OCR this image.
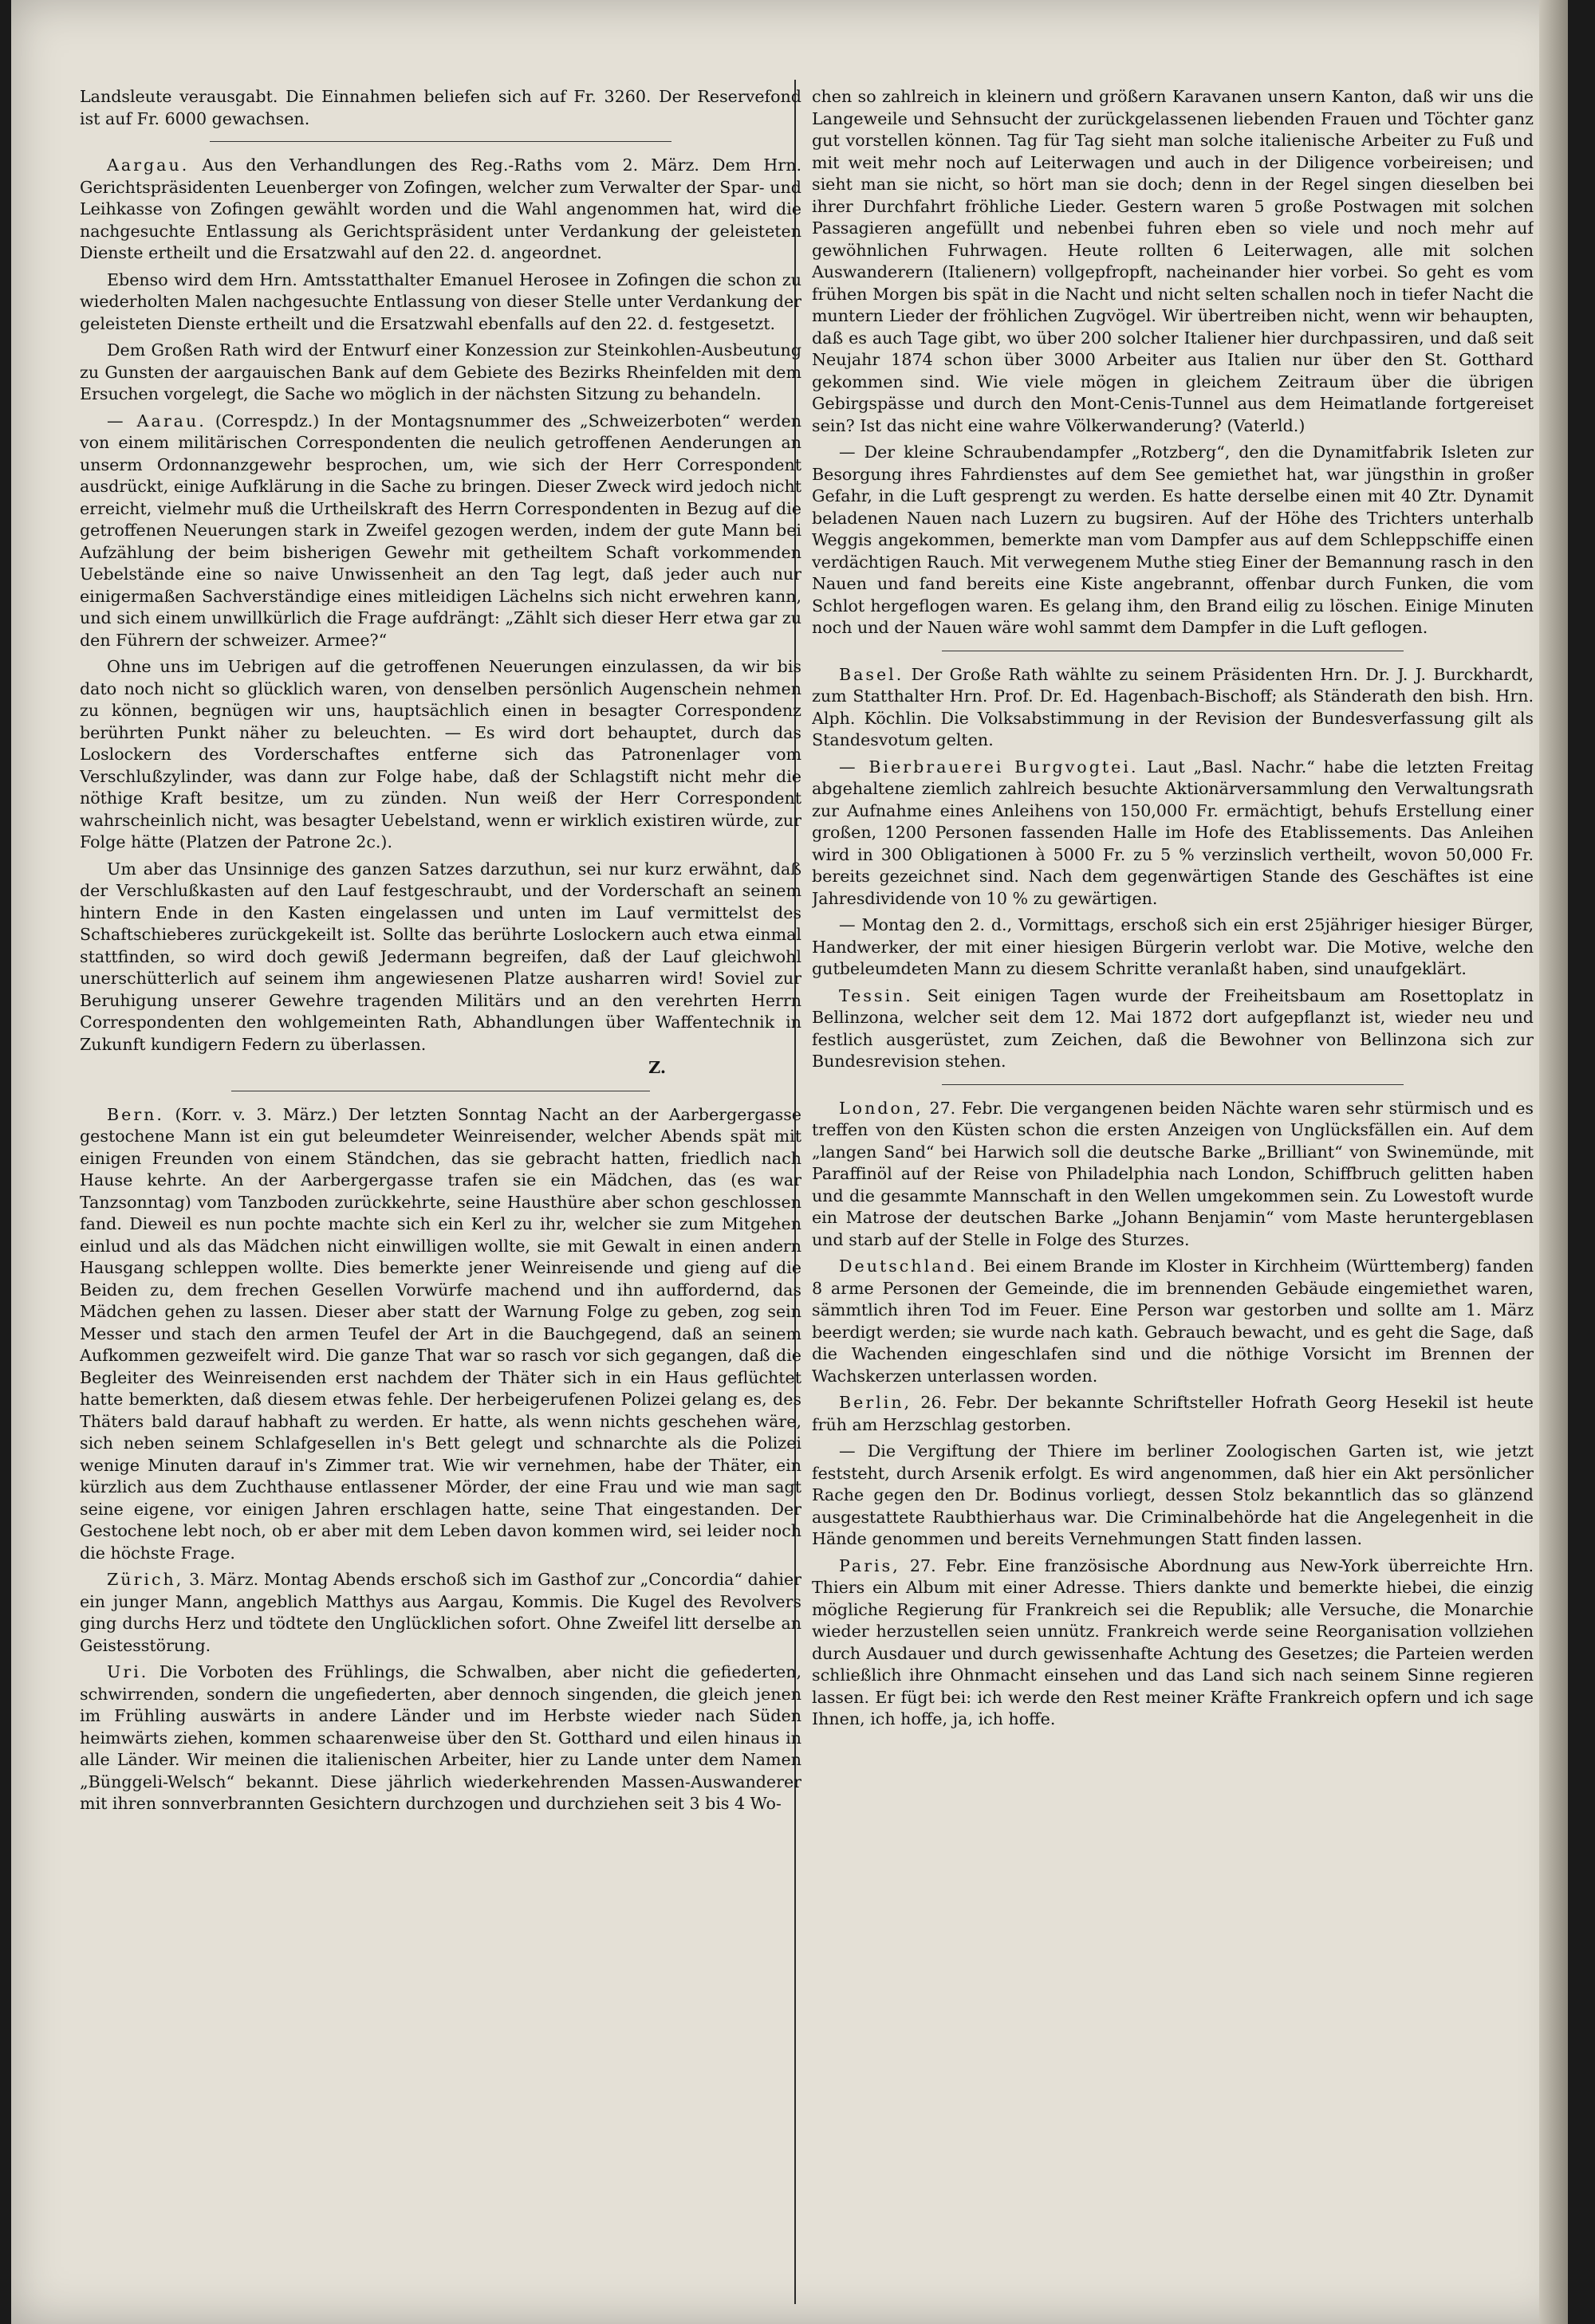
Landsleute verausgabt. Die Einnahmen beliefen sich auf Fr. 3260. Der Reservefond ist auf Fr. 6000 gewachsen.

Aargau. Aus den Verhandlungen des Reg.-Raths vom 2. März. Dem Hrn. Gerichtspräsidenten Leuenberger von Zofingen, welcher zum Verwalter der Spar- und Leihkasse von Zofingen gewählt worden und die Wahl angenommen hat, wird die nachgesuchte Entlassung als Gerichtspräsident unter Verdankung der geleisteten Dienste ertheilt und die Ersatzwahl auf den 22. d. angeordnet.

Ebenso wird dem Hrn. Amtsstatthalter Emanuel Herosee in Zofingen die schon zu wiederholten Malen nachgesuchte Entlassung von dieser Stelle unter Verdankung der geleisteten Dienste ertheilt und die Ersatzwahl ebenfalls auf den 22. d. festgesetzt.

Dem Großen Rath wird der Entwurf einer Konzession zur Steinkohlen-Ausbeutung zu Gunsten der aargauischen Bank auf dem Gebiete des Bezirks Rheinfelden mit dem Ersuchen vorgelegt, die Sache wo möglich in der nächsten Sitzung zu behandeln.

— Aarau. (Correspdz.) In der Montagsnummer des „Schweizerboten“ werden von einem militärischen Correspondenten die neulich getroffenen Aenderungen an unserm Ordonnanzgewehr besprochen, um, wie sich der Herr Correspondent ausdrückt, einige Aufklärung in die Sache zu bringen. Dieser Zweck wird jedoch nicht erreicht, vielmehr muß die Urtheilskraft des Herrn Correspondenten in Bezug auf die getroffenen Neuerungen stark in Zweifel gezogen werden, indem der gute Mann bei Aufzählung der beim bisherigen Gewehr mit getheiltem Schaft vorkommenden Uebelstände eine so naive Unwissenheit an den Tag legt, daß jeder auch nur einigermaßen Sachverständige eines mitleidigen Lächelns sich nicht erwehren kann, und sich einem unwillkürlich die Frage aufdrängt: „Zählt sich dieser Herr etwa gar zu den Führern der schweizer. Armee?“

Ohne uns im Uebrigen auf die getroffenen Neuerungen einzulassen, da wir bis dato noch nicht so glücklich waren, von denselben persönlich Augenschein nehmen zu können, begnügen wir uns, hauptsächlich einen in besagter Correspondenz berührten Punkt näher zu beleuchten. — Es wird dort behauptet, durch das Loslockern des Vorderschaftes entferne sich das Patronenlager vom Verschlußzylinder, was dann zur Folge habe, daß der Schlagstift nicht mehr die nöthige Kraft besitze, um zu zünden. Nun weiß der Herr Correspondent wahrscheinlich nicht, was besagter Uebelstand, wenn er wirklich existiren würde, zur Folge hätte (Platzen der Patrone 2c.).

Um aber das Unsinnige des ganzen Satzes darzuthun, sei nur kurz erwähnt, daß der Verschlußkasten auf den Lauf festgeschraubt, und der Vorderschaft an seinem hintern Ende in den Kasten eingelassen und unten im Lauf vermittelst des Schaftschieberes zurückgekeilt ist. Sollte das berührte Loslockern auch etwa einmal stattfinden, so wird doch gewiß Jedermann begreifen, daß der Lauf gleichwohl unerschütterlich auf seinem ihm angewiesenen Platze ausharren wird! Soviel zur Beruhigung unserer Gewehre tragenden Militärs und an den verehrten Herrn Correspondenten den wohlgemeinten Rath, Abhandlungen über Waffentechnik in Zukunft kundigern Federn zu überlassen.

Z.

Bern. (Korr. v. 3. März.) Der letzten Sonntag Nacht an der Aarbergergasse gestochene Mann ist ein gut beleumdeter Weinreisender, welcher Abends spät mit einigen Freunden von einem Ständchen, das sie gebracht hatten, friedlich nach Hause kehrte. An der Aarbergergasse trafen sie ein Mädchen, das (es war Tanzsonntag) vom Tanzboden zurückkehrte, seine Hausthüre aber schon geschlossen fand. Dieweil es nun pochte machte sich ein Kerl zu ihr, welcher sie zum Mitgehen einlud und als das Mädchen nicht einwilligen wollte, sie mit Gewalt in einen andern Hausgang schleppen wollte. Dies bemerkte jener Weinreisende und gieng auf die Beiden zu, dem frechen Gesellen Vorwürfe machend und ihn auffordernd, das Mädchen gehen zu lassen. Dieser aber statt der Warnung Folge zu geben, zog sein Messer und stach den armen Teufel der Art in die Bauchgegend, daß an seinem Aufkommen gezweifelt wird. Die ganze That war so rasch vor sich gegangen, daß die Begleiter des Weinreisenden erst nachdem der Thäter sich in ein Haus geflüchtet hatte bemerkten, daß diesem etwas fehle. Der herbeigerufenen Polizei gelang es, des Thäters bald darauf habhaft zu werden. Er hatte, als wenn nichts geschehen wäre, sich neben seinem Schlafgesellen in's Bett gelegt und schnarchte als die Polizei wenige Minuten darauf in's Zimmer trat. Wie wir vernehmen, habe der Thäter, ein kürzlich aus dem Zuchthause entlassener Mörder, der eine Frau und wie man sagt seine eigene, vor einigen Jahren erschlagen hatte, seine That eingestanden. Der Gestochene lebt noch, ob er aber mit dem Leben davon kommen wird, sei leider noch die höchste Frage.

Zürich, 3. März. Montag Abends erschoß sich im Gasthof zur „Concordia“ dahier ein junger Mann, angeblich Matthys aus Aargau, Kommis. Die Kugel des Revolvers ging durchs Herz und tödtete den Unglücklichen sofort. Ohne Zweifel litt derselbe an Geistesstörung.

Uri. Die Vorboten des Frühlings, die Schwalben, aber nicht die gefiederten, schwirrenden, sondern die ungefiederten, aber dennoch singenden, die gleich jenen im Frühling auswärts in andere Länder und im Herbste wieder nach Süden heimwärts ziehen, kommen schaarenweise über den St. Gotthard und eilen hinaus in alle Länder. Wir meinen die italienischen Arbeiter, hier zu Lande unter dem Namen „Bünggeli-Welsch“ bekannt. Diese jährlich wiederkehrenden Massen-Auswanderer mit ihren sonnverbrannten Gesichtern durchzogen und durchziehen seit 3 bis 4 Wo-

chen so zahlreich in kleinern und größern Karavanen unsern Kanton, daß wir uns die Langeweile und Sehnsucht der zurückgelassenen liebenden Frauen und Töchter ganz gut vorstellen können. Tag für Tag sieht man solche italienische Arbeiter zu Fuß und mit weit mehr noch auf Leiterwagen und auch in der Diligence vorbeireisen; und sieht man sie nicht, so hört man sie doch; denn in der Regel singen dieselben bei ihrer Durchfahrt fröhliche Lieder. Gestern waren 5 große Postwagen mit solchen Passagieren angefüllt und nebenbei fuhren eben so viele und noch mehr auf gewöhnlichen Fuhrwagen. Heute rollten 6 Leiterwagen, alle mit solchen Auswanderern (Italienern) vollgepfropft, nacheinander hier vorbei. So geht es vom frühen Morgen bis spät in die Nacht und nicht selten schallen noch in tiefer Nacht die muntern Lieder der fröhlichen Zugvögel. Wir übertreiben nicht, wenn wir behaupten, daß es auch Tage gibt, wo über 200 solcher Italiener hier durchpassiren, und daß seit Neujahr 1874 schon über 3000 Arbeiter aus Italien nur über den St. Gotthard gekommen sind. Wie viele mögen in gleichem Zeitraum über die übrigen Gebirgspässe und durch den Mont-Cenis-Tunnel aus dem Heimatlande fortgereiset sein? Ist das nicht eine wahre Völkerwanderung? (Vaterld.)

— Der kleine Schraubendampfer „Rotzberg“, den die Dynamitfabrik Isleten zur Besorgung ihres Fahrdienstes auf dem See gemiethet hat, war jüngsthin in großer Gefahr, in die Luft gesprengt zu werden. Es hatte derselbe einen mit 40 Ztr. Dynamit beladenen Nauen nach Luzern zu bugsiren. Auf der Höhe des Trichters unterhalb Weggis angekommen, bemerkte man vom Dampfer aus auf dem Schleppschiffe einen verdächtigen Rauch. Mit verwegenem Muthe stieg Einer der Bemannung rasch in den Nauen und fand bereits eine Kiste angebrannt, offenbar durch Funken, die vom Schlot hergeflogen waren. Es gelang ihm, den Brand eilig zu löschen. Einige Minuten noch und der Nauen wäre wohl sammt dem Dampfer in die Luft geflogen.

Basel. Der Große Rath wählte zu seinem Präsidenten Hrn. Dr. J. J. Burckhardt, zum Statthalter Hrn. Prof. Dr. Ed. Hagenbach-Bischoff; als Ständerath den bish. Hrn. Alph. Köchlin. Die Volksabstimmung in der Revision der Bundesverfassung gilt als Standesvotum gelten.

— Bierbrauerei Burgvogtei. Laut „Basl. Nachr.“ habe die letzten Freitag abgehaltene ziemlich zahlreich besuchte Aktionärversammlung den Verwaltungsrath zur Aufnahme eines Anleihens von 150,000 Fr. ermächtigt, behufs Erstellung einer großen, 1200 Personen fassenden Halle im Hofe des Etablissements. Das Anleihen wird in 300 Obligationen à 5000 Fr. zu 5 % verzinslich vertheilt, wovon 50,000 Fr. bereits gezeichnet sind. Nach dem gegenwärtigen Stande des Geschäftes ist eine Jahresdividende von 10 % zu gewärtigen.

— Montag den 2. d., Vormittags, erschoß sich ein erst 25jähriger hiesiger Bürger, Handwerker, der mit einer hiesigen Bürgerin verlobt war. Die Motive, welche den gutbeleumdeten Mann zu diesem Schritte veranlaßt haben, sind unaufgeklärt.

Tessin. Seit einigen Tagen wurde der Freiheitsbaum am Rosettoplatz in Bellinzona, welcher seit dem 12. Mai 1872 dort aufgepflanzt ist, wieder neu und festlich ausgerüstet, zum Zeichen, daß die Bewohner von Bellinzona sich zur Bundesrevision stehen.

London, 27. Febr. Die vergangenen beiden Nächte waren sehr stürmisch und es treffen von den Küsten schon die ersten Anzeigen von Unglücksfällen ein. Auf dem „langen Sand“ bei Harwich soll die deutsche Barke „Brilliant“ von Swinemünde, mit Paraffinöl auf der Reise von Philadelphia nach London, Schiffbruch gelitten haben und die gesammte Mannschaft in den Wellen umgekommen sein. Zu Lowestoft wurde ein Matrose der deutschen Barke „Johann Benjamin“ vom Maste heruntergeblasen und starb auf der Stelle in Folge des Sturzes.

Deutschland. Bei einem Brande im Kloster in Kirchheim (Württemberg) fanden 8 arme Personen der Gemeinde, die im brennenden Gebäude eingemiethet waren, sämmtlich ihren Tod im Feuer. Eine Person war gestorben und sollte am 1. März beerdigt werden; sie wurde nach kath. Gebrauch bewacht, und es geht die Sage, daß die Wachenden eingeschlafen sind und die nöthige Vorsicht im Brennen der Wachskerzen unterlassen worden.

Berlin, 26. Febr. Der bekannte Schriftsteller Hofrath Georg Hesekil ist heute früh am Herzschlag gestorben.

— Die Vergiftung der Thiere im berliner Zoologischen Garten ist, wie jetzt feststeht, durch Arsenik erfolgt. Es wird angenommen, daß hier ein Akt persönlicher Rache gegen den Dr. Bodinus vorliegt, dessen Stolz bekanntlich das so glänzend ausgestattete Raubthierhaus war. Die Criminalbehörde hat die Angelegenheit in die Hände genommen und bereits Vernehmungen Statt finden lassen.

Paris, 27. Febr. Eine französische Abordnung aus New-York überreichte Hrn. Thiers ein Album mit einer Adresse. Thiers dankte und bemerkte hiebei, die einzig mögliche Regierung für Frankreich sei die Republik; alle Versuche, die Monarchie wieder herzustellen seien unnütz. Frankreich werde seine Reorganisation vollziehen durch Ausdauer und durch gewissenhafte Achtung des Gesetzes; die Parteien werden schließlich ihre Ohnmacht einsehen und das Land sich nach seinem Sinne regieren lassen. Er fügt bei: ich werde den Rest meiner Kräfte Frankreich opfern und ich sage Ihnen, ich hoffe, ja, ich hoffe.
